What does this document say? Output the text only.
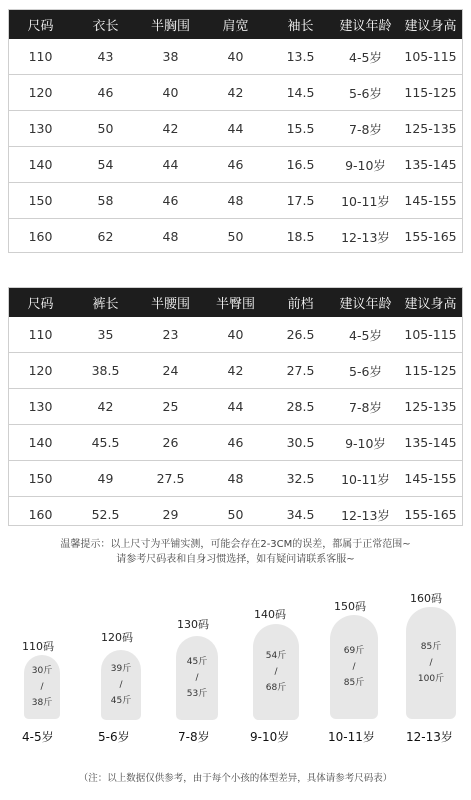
尺码	衣长	半胸围	肩宽	袖长	建议年龄	建议身高
110	43	38	40	13.5	4-5岁	105-115
120	46	40	42	14.5	5-6岁	115-125
130	50	42	44	15.5	7-8岁	125-135
140	54	44	46	16.5	9-10岁	135-145
150	58	46	48	17.5	10-11岁	145-155
160	62	48	50	18.5	12-13岁	155-165
尺码	裤长	半腰围	半臀围	前档	建议年龄	建议身高
110	35	23	40	26.5	4-5岁	105-115
120	38.5	24	42	27.5	5-6岁	115-125
130	42	25	44	28.5	7-8岁	125-135
140	45.5	26	46	30.5	9-10岁	135-145
150	49	27.5	48	32.5	10-11岁	145-155
160	52.5	29	50	34.5	12-13岁	155-165
温馨提示：以上尺寸为平铺实测，可能会存在2-3CM的误差，都属于正常范围~
请参考尺码表和自身习惯选择，如有疑问请联系客服~
110码
30斤
/
38斤
4-5岁
120码
39斤
/
45斤
5-6岁
130码
45斤
/
53斤
7-8岁
140码
54斤
/
68斤
9-10岁
150码
69斤
/
85斤
10-11岁
160码
85斤
/
100斤
12-13岁
（注：以上数据仅供参考，由于每个小孩的体型差异，具体请参考尺码表）
